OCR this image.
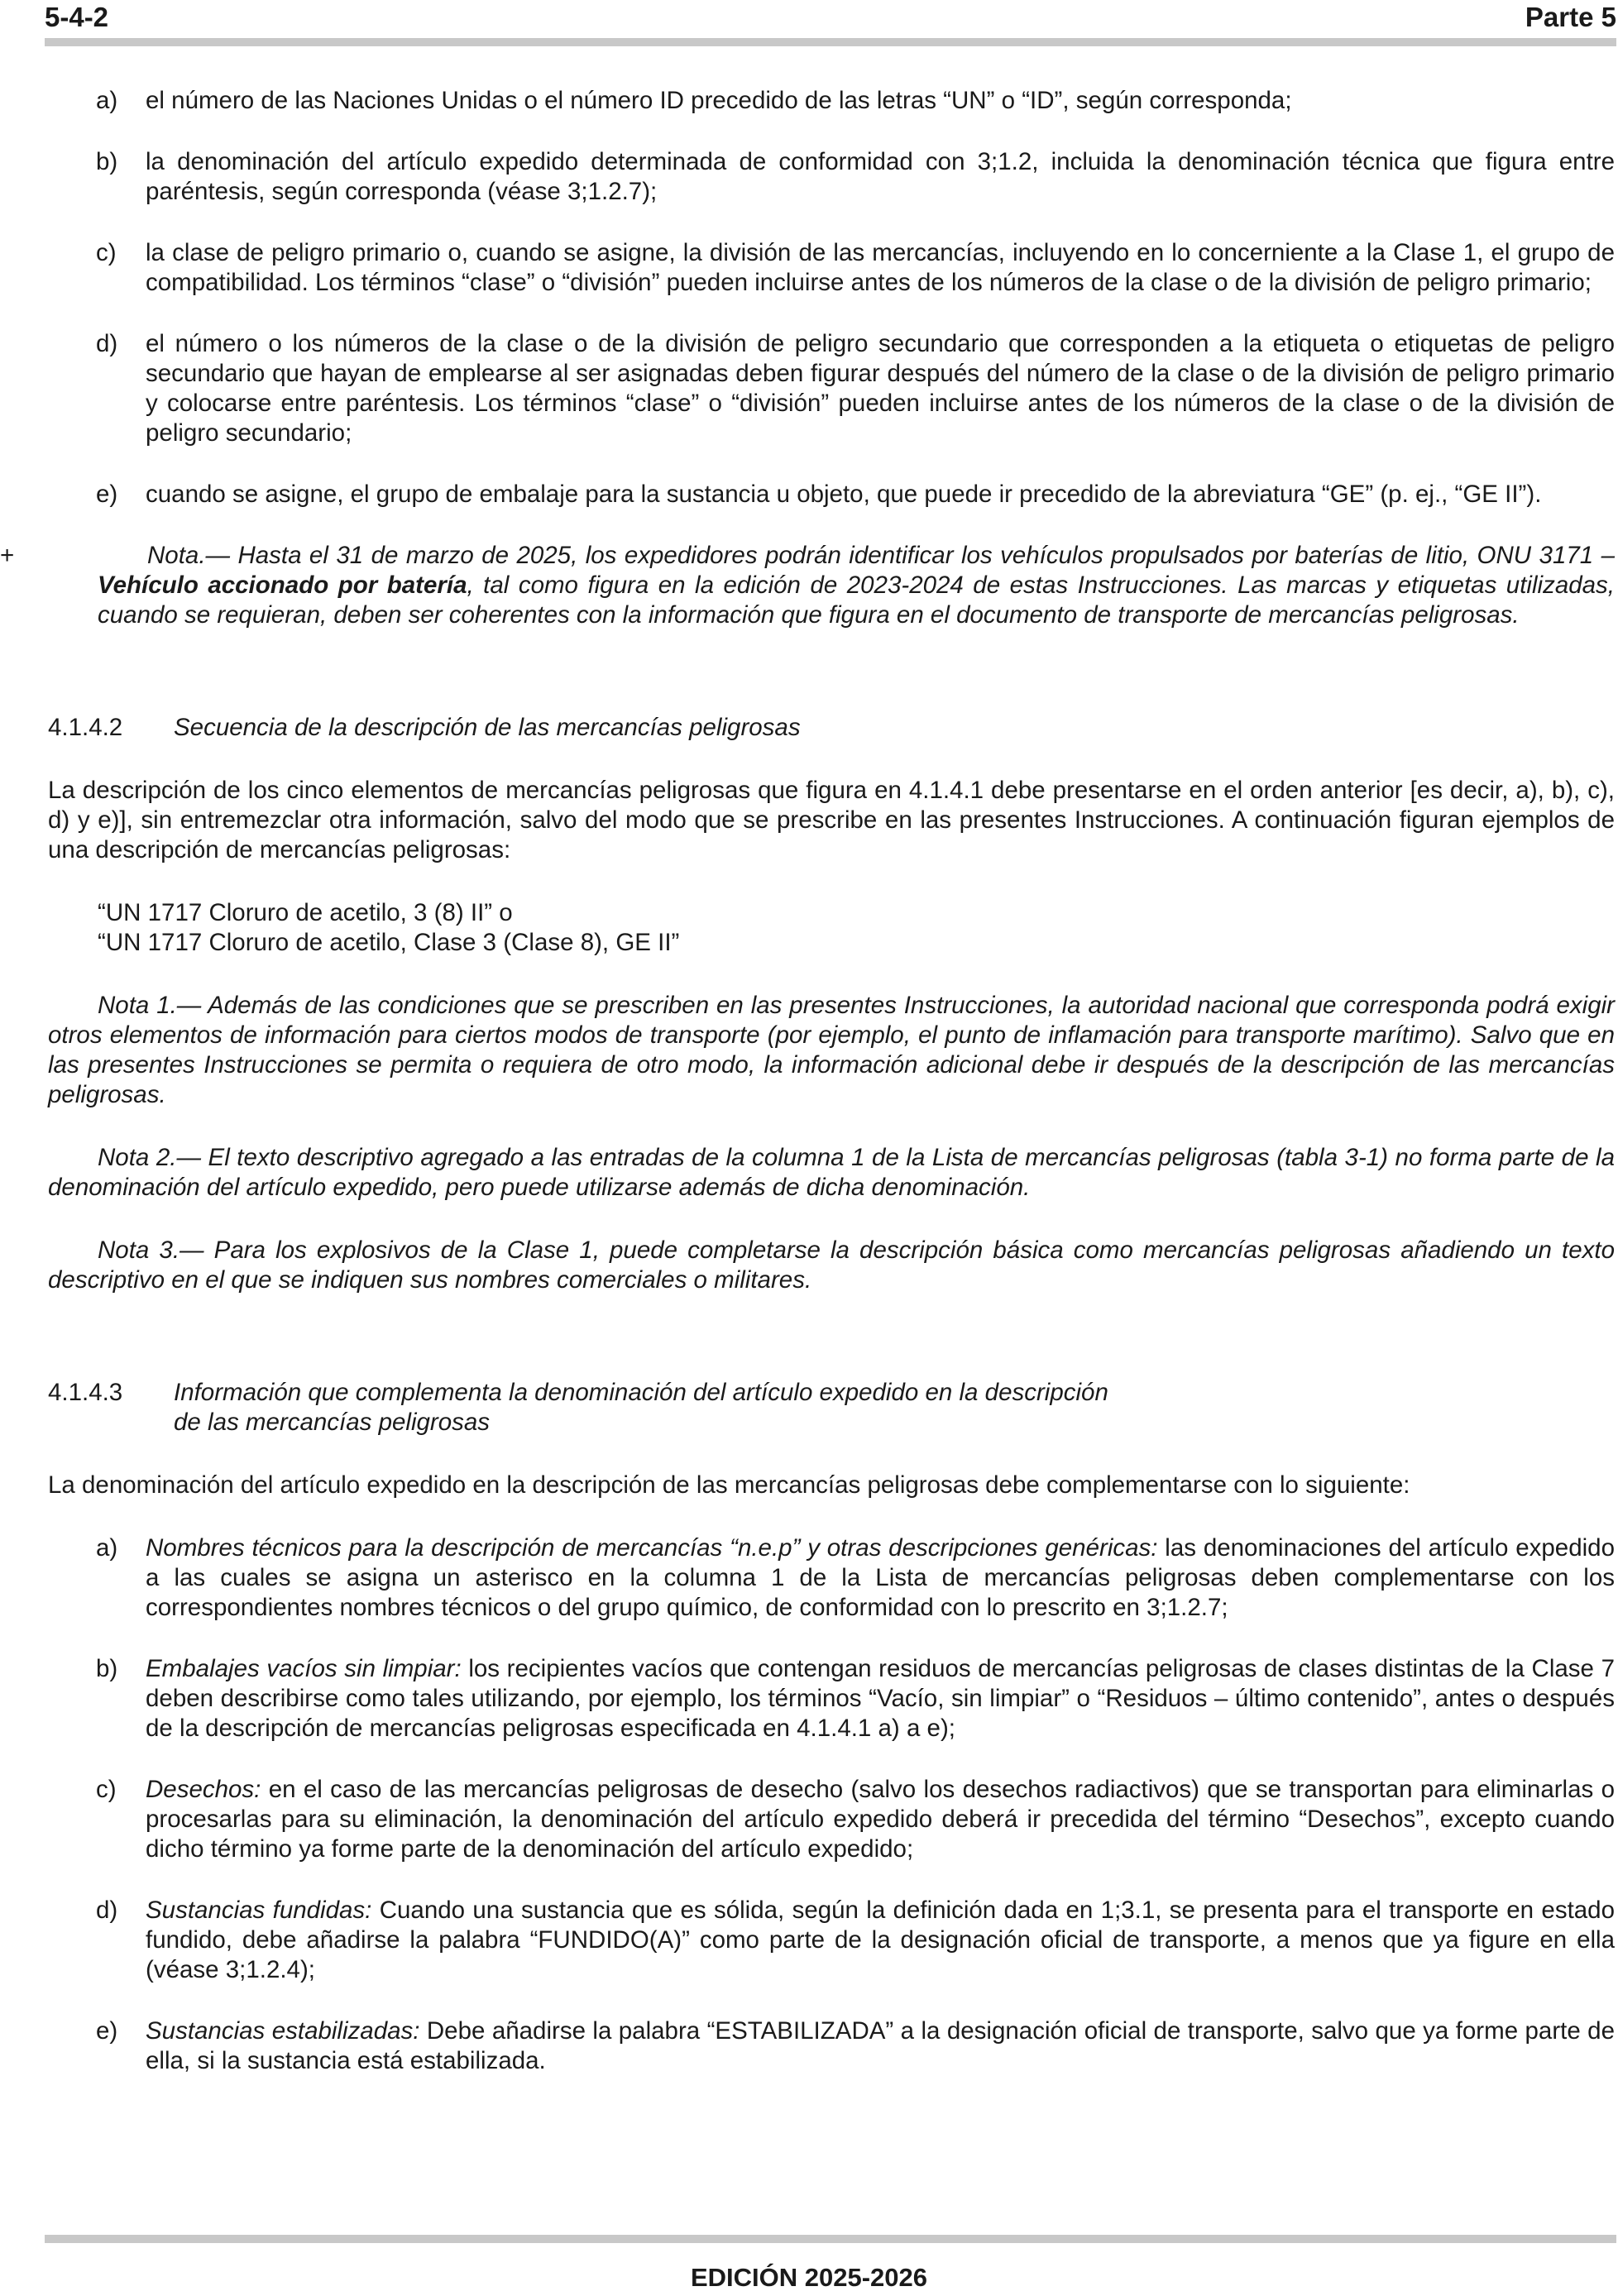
5-4-2	Parte 5
a)	el número de las Naciones Unidas o el número ID precedido de las letras “UN” o “ID”, según corresponda;
b)	la denominación del artículo expedido determinada de conformidad con 3;1.2, incluida la denominación técnica que figura entre paréntesis, según corresponda (véase 3;1.2.7);
c)	la clase de peligro primario o, cuando se asigne, la división de las mercancías, incluyendo en lo concerniente a la Clase 1, el grupo de compatibilidad. Los términos “clase” o “división” pueden incluirse antes de los números de la clase o de la división de peligro primario;
d)	el número o los números de la clase o de la división de peligro secundario que corresponden a la etiqueta o etiquetas de peligro secundario que hayan de emplearse al ser asignadas deben figurar después del número de la clase o de la división de peligro primario y colocarse entre paréntesis. Los términos “clase” o “división” pueden incluirse antes de los números de la clase o de la división de peligro secundario;
e)	cuando se asigne, el grupo de embalaje para la sustancia u objeto, que puede ir precedido de la abreviatura “GE” (p. ej., “GE II”).
+	Nota.— Hasta el 31 de marzo de 2025, los expedidores podrán identificar los vehículos propulsados por baterías de litio, ONU 3171 – Vehículo accionado por batería, tal como figura en la edición de 2023-2024 de estas Instrucciones. Las marcas y etiquetas utilizadas, cuando se requieran, deben ser coherentes con la información que figura en el documento de transporte de mercancías peligrosas.
4.1.4.2	Secuencia de la descripción de las mercancías peligrosas
La descripción de los cinco elementos de mercancías peligrosas que figura en 4.1.4.1 debe presentarse en el orden anterior [es decir, a), b), c), d) y e)], sin entremezclar otra información, salvo del modo que se prescribe en las presentes Instrucciones. A continuación figuran ejemplos de una descripción de mercancías peligrosas:
“UN 1717 Cloruro de acetilo, 3 (8) II” o
“UN 1717 Cloruro de acetilo, Clase 3 (Clase 8), GE II”
Nota 1.— Además de las condiciones que se prescriben en las presentes Instrucciones, la autoridad nacional que corresponda podrá exigir otros elementos de información para ciertos modos de transporte (por ejemplo, el punto de inflamación para transporte marítimo). Salvo que en las presentes Instrucciones se permita o requiera de otro modo, la información adicional debe ir después de la descripción de las mercancías peligrosas.
Nota 2.— El texto descriptivo agregado a las entradas de la columna 1 de la Lista de mercancías peligrosas (tabla 3-1) no forma parte de la denominación del artículo expedido, pero puede utilizarse además de dicha denominación.
Nota 3.— Para los explosivos de la Clase 1, puede completarse la descripción básica como mercancías peligrosas añadiendo un texto descriptivo en el que se indiquen sus nombres comerciales o militares.
4.1.4.3	Información que complementa la denominación del artículo expedido en la descripción
de las mercancías peligrosas
La denominación del artículo expedido en la descripción de las mercancías peligrosas debe complementarse con lo siguiente:
a)	Nombres técnicos para la descripción de mercancías “n.e.p” y otras descripciones genéricas: las denominaciones del artículo expedido a las cuales se asigna un asterisco en la columna 1 de la Lista de mercancías peligrosas deben complementarse con los correspondientes nombres técnicos o del grupo químico, de conformidad con lo prescrito en 3;1.2.7;
b)	Embalajes vacíos sin limpiar: los recipientes vacíos que contengan residuos de mercancías peligrosas de clases distintas de la Clase 7 deben describirse como tales utilizando, por ejemplo, los términos “Vacío, sin limpiar” o “Residuos – último contenido”, antes o después de la descripción de mercancías peligrosas especificada en 4.1.4.1 a) a e);
c)	Desechos: en el caso de las mercancías peligrosas de desecho (salvo los desechos radiactivos) que se transportan para eliminarlas o procesarlas para su eliminación, la denominación del artículo expedido deberá ir precedida del término “Desechos”, excepto cuando dicho término ya forme parte de la denominación del artículo expedido;
d)	Sustancias fundidas: Cuando una sustancia que es sólida, según la definición dada en 1;3.1, se presenta para el transporte en estado fundido, debe añadirse la palabra “FUNDIDO(A)” como parte de la designación oficial de transporte, a menos que ya figure en ella (véase 3;1.2.4);
e)	Sustancias estabilizadas: Debe añadirse la palabra “ESTABILIZADA” a la designación oficial de transporte, salvo que ya forme parte de ella, si la sustancia está estabilizada.
EDICIÓN 2025-2026
